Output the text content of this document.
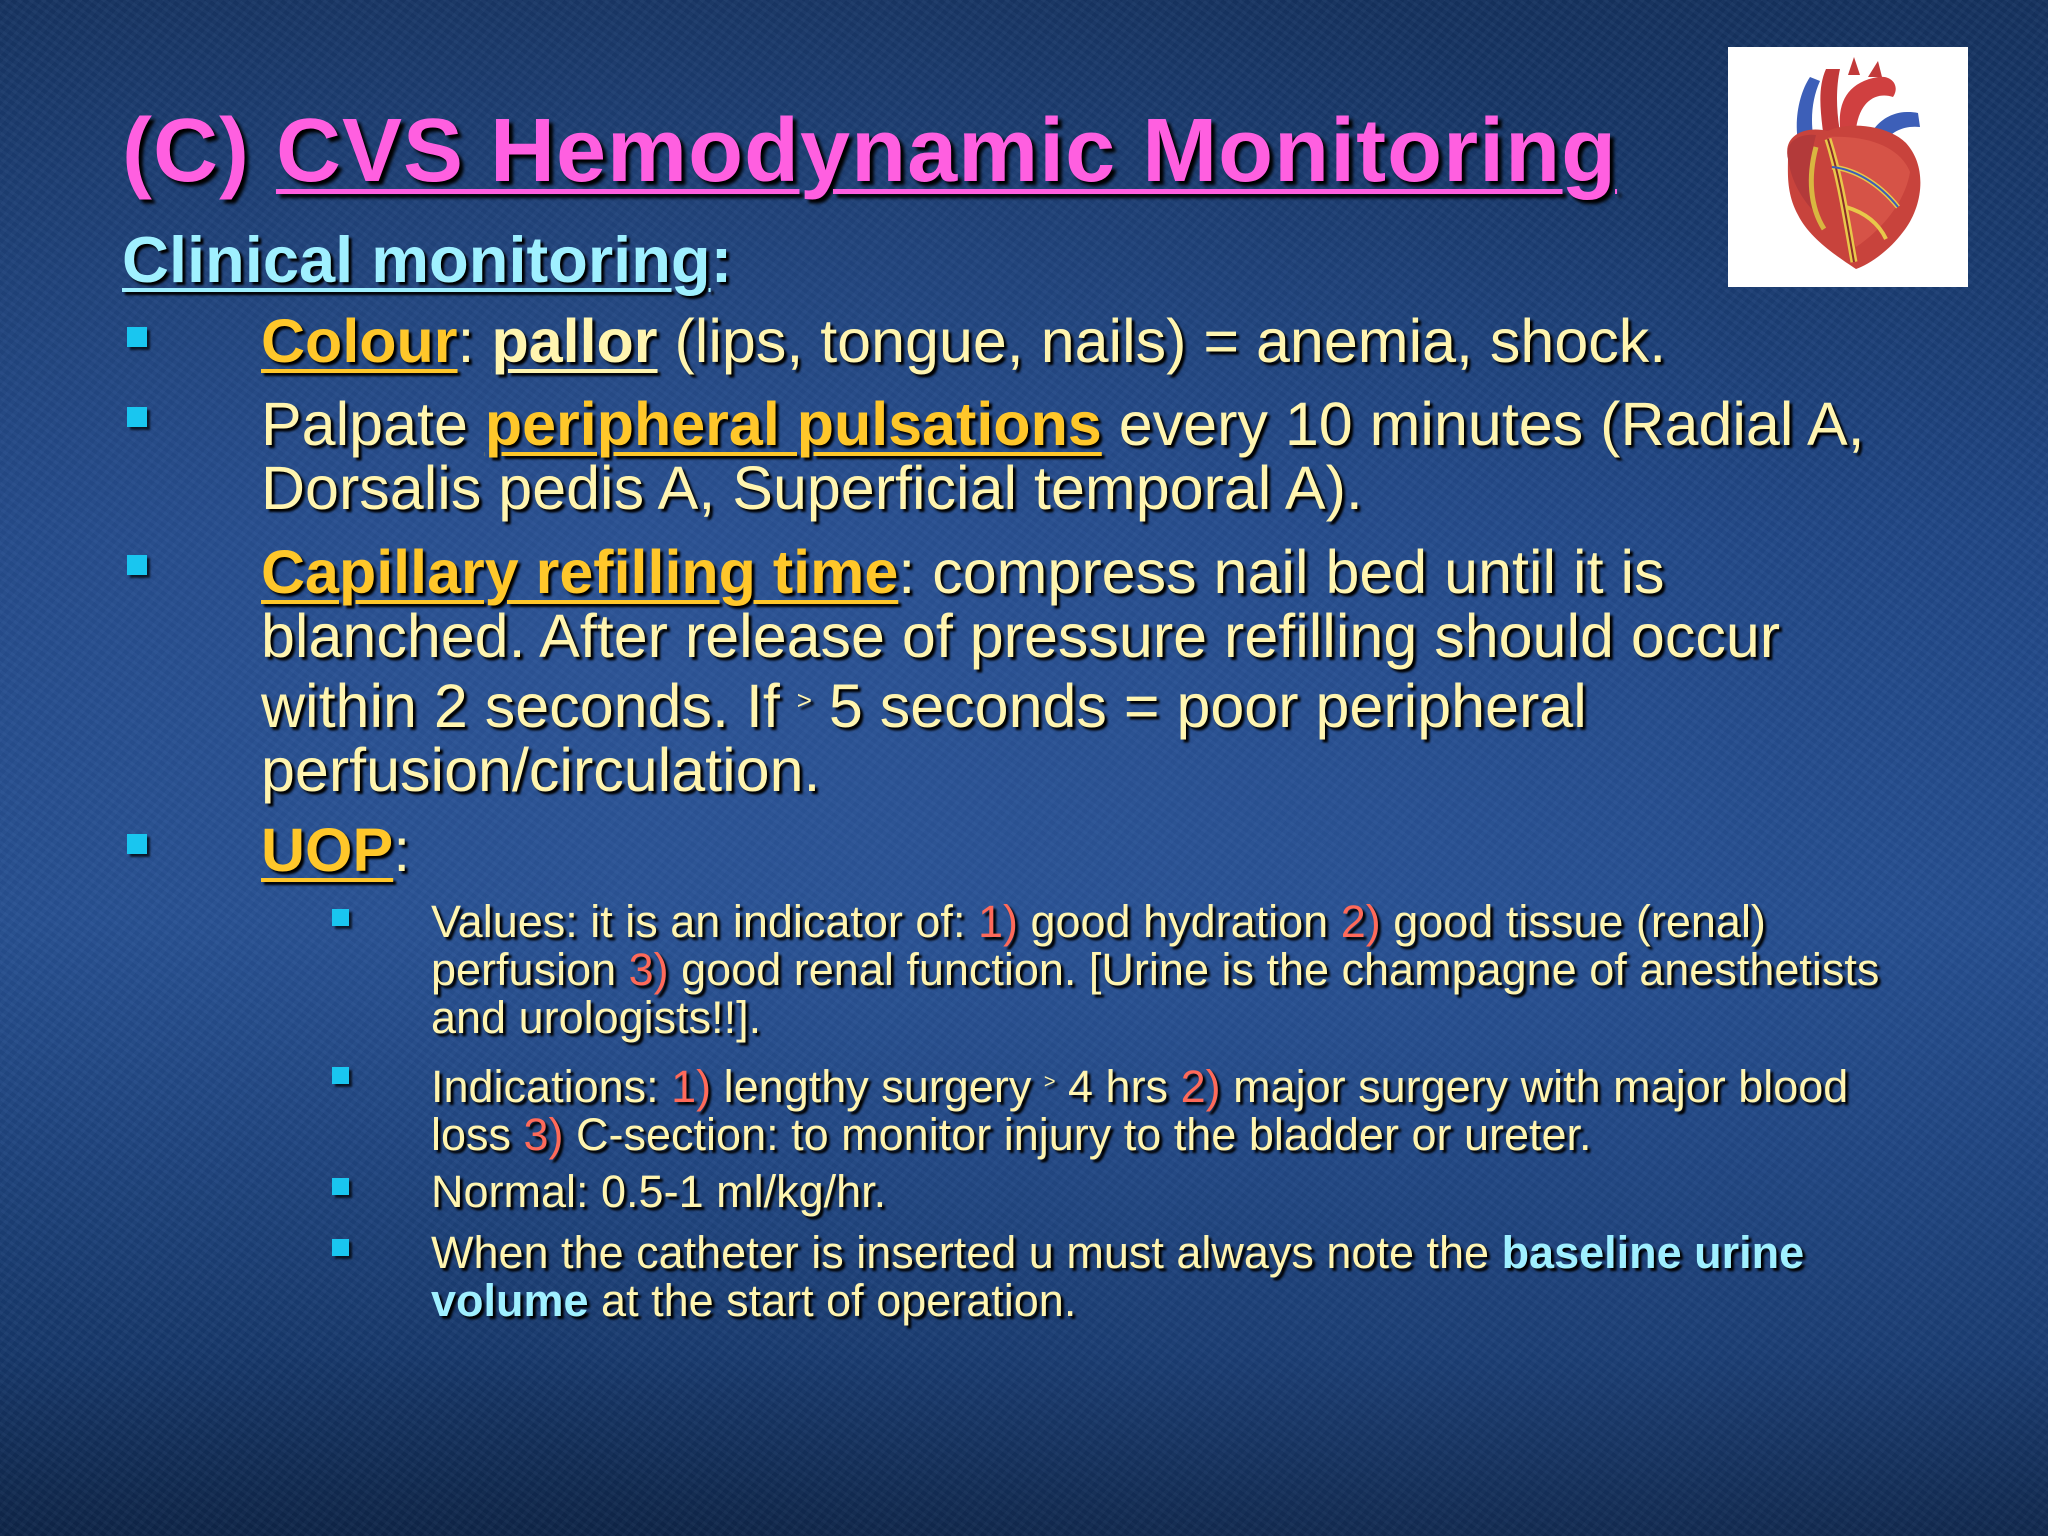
(C) CVS Hemodynamic Monitoring
Clinical monitoring:
Colour: pallor (lips, tongue, nails) = anemia, shock.
Palpate peripheral pulsations every 10 minutes (Radial A, Dorsalis pedis A, Superficial temporal A).
Capillary refilling time: compress nail bed until it is blanched. After release of pressure refilling should occur within 2 seconds. If ˃ 5 seconds = poor peripheral perfusion/circulation.
UOP:
Values: it is an indicator of: 1) good hydration 2) good tissue (renal) perfusion 3) good renal function. [Urine is the champagne of anesthetists and urologists!!].
Indications: 1) lengthy surgery ˃ 4 hrs 2) major surgery with major blood loss 3) C-section: to monitor injury to the bladder or ureter.
Normal: 0.5-1 ml/kg/hr.
When the catheter is inserted u must always note the baseline urine volume at the start of operation.
